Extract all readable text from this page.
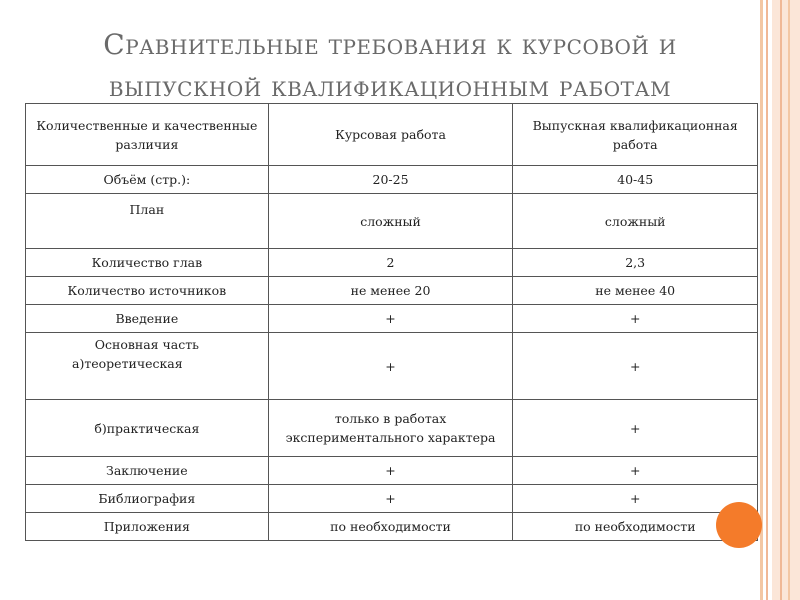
Сравнительные требования к курсовой и
выпускной квалификационным работам
Количественные и качественные различия	Курсовая работа	Выпускная квалификационная работа
Объём (стр.):	20-25	40-45
План	сложный	сложный
Количество глав	2	2,3
Количество источников	не менее 20	не менее 40
Введение	+	+

Основная часть
а)теоретическая	+	+
б)практическая	только в работах экспериментального характера	+
Заключение	+	+
Библиография	+	+
Приложения	по необходимости	по необходимости
